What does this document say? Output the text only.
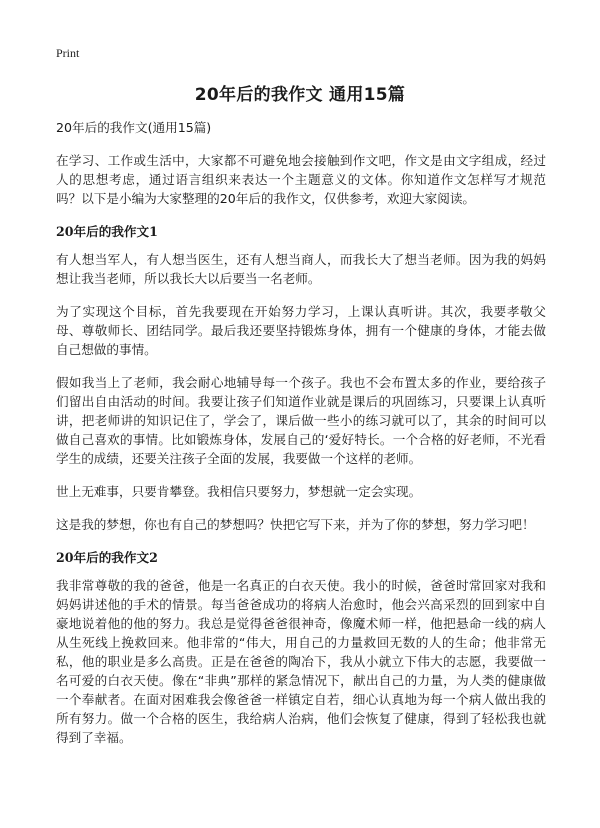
Print
20年后的我作文 通用15篇
20年后的我作文(通用15篇)

在学习、工作或生活中，大家都不可避免地会接触到作文吧，作文是由文字组成，经过人的思想考虑，通过语言组织来表达一个主题意义的文体。你知道作文怎样写才规范吗？以下是小编为大家整理的20年后的我作文，仅供参考，欢迎大家阅读。

20年后的我作文1

有人想当军人，有人想当医生，还有人想当商人，而我长大了想当老师。因为我的妈妈想让我当老师，所以我长大以后要当一名老师。

为了实现这个目标，首先我要现在开始努力学习，上课认真听讲。其次，我要孝敬父母、尊敬师长、团结同学。最后我还要坚持锻炼身体，拥有一个健康的身体，才能去做自己想做的事情。

假如我当上了老师，我会耐心地辅导每一个孩子。我也不会布置太多的作业，要给孩子们留出自由活动的时间。我要让孩子们知道作业就是课后的巩固练习，只要课上认真听讲，把老师讲的知识记住了，学会了，课后做一些小的练习就可以了，其余的时间可以做自己喜欢的事情。比如锻炼身体，发展自己的‘爱好特长。一个合格的好老师，不光看学生的成绩，还要关注孩子全面的发展，我要做一个这样的老师。

世上无难事，只要肯攀登。我相信只要努力，梦想就一定会实现。

这是我的梦想，你也有自己的梦想吗？快把它写下来，并为了你的梦想，努力学习吧！

20年后的我作文2

我非常尊敬的我的爸爸，他是一名真正的白衣天使。我小的时候，爸爸时常回家对我和妈妈讲述他的手术的情景。每当爸爸成功的将病人治愈时，他会兴高采烈的回到家中自豪地说着他的他的努力。我总是觉得爸爸很神奇，像魔术师一样，他把悬命一线的病人从生死线上挽救回来。他非常的“伟大，用自己的力量救回无数的人的生命；他非常无私，他的职业是多么高贵。正是在爸爸的陶冶下，我从小就立下伟大的志愿，我要做一名可爱的白衣天使。像在“非典”那样的紧急情况下，献出自己的力量，为人类的健康做一个奉献者。在面对困难我会像爸爸一样镇定自若，细心认真地为每一个病人做出我的所有努力。做一个合格的医生，我给病人治病，他们会恢复了健康，得到了轻松我也就得到了幸福。
